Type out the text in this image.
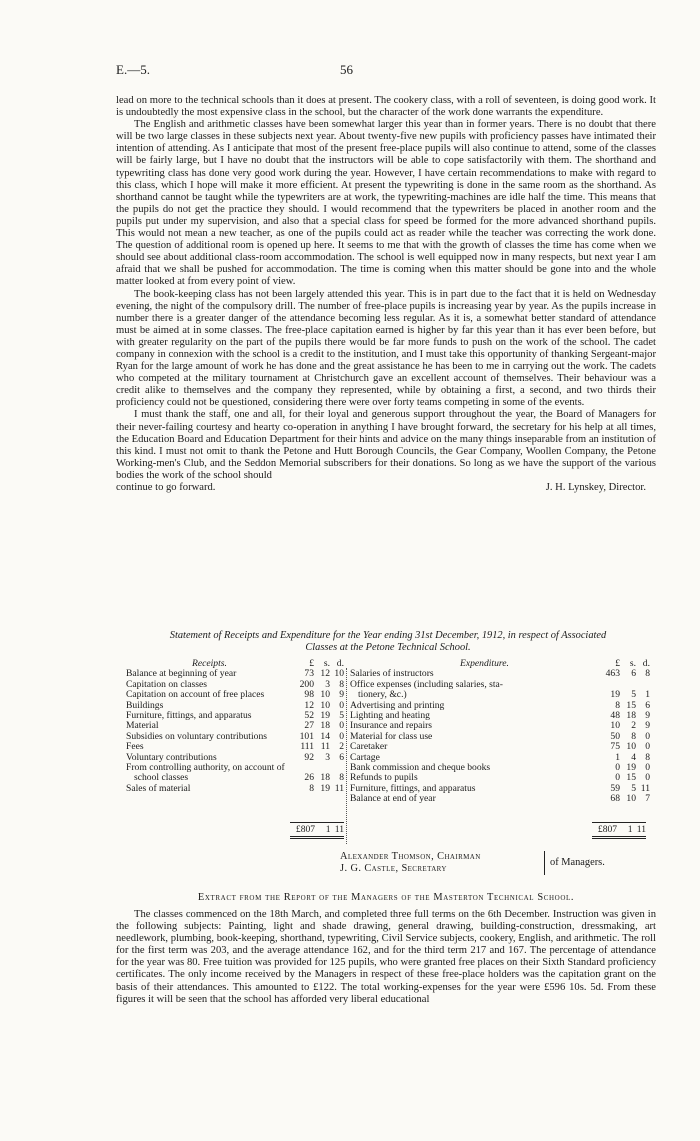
E.—5.	56

lead on more to the technical schools than it does at present. The cookery class, with a roll of seventeen, is doing good work. It is undoubtedly the most expensive class in the school, but the character of the work done warrants the expenditure.

The English and arithmetic classes have been somewhat larger this year than in former years. There is no doubt that there will be two large classes in these subjects next year. About twenty-five new pupils with proficiency passes have intimated their intention of attending. As I anticipate that most of the present free-place pupils will also continue to attend, some of the classes will be fairly large, but I have no doubt that the instructors will be able to cope satisfactorily with them. The shorthand and typewriting class has done very good work during the year. However, I have certain recommendations to make with regard to this class, which I hope will make it more efficient. At present the typewriting is done in the same room as the shorthand. As shorthand cannot be taught while the typewriters are at work, the typewriting-machines are idle half the time. This means that the pupils do not get the practice they should. I would recommend that the typewriters be placed in another room and the pupils put under my supervision, and also that a special class for speed be formed for the more advanced shorthand pupils. This would not mean a new teacher, as one of the pupils could act as reader while the teacher was correcting the work done. The question of additional room is opened up here. It seems to me that with the growth of classes the time has come when we should see about additional class-room accommodation. The school is well equipped now in many respects, but next year I am afraid that we shall be pushed for accommodation. The time is coming when this matter should be gone into and the whole matter looked at from every point of view.

The book-keeping class has not been largely attended this year. This is in part due to the fact that it is held on Wednesday evening, the night of the compulsory drill. The number of free-place pupils is increasing year by year. As the pupils increase in number there is a greater danger of the attendance becoming less regular. As it is, a somewhat better standard of attendance must be aimed at in some classes. The free-place capitation earned is higher by far this year than it has ever been before, but with greater regularity on the part of the pupils there would be far more funds to push on the work of the school. The cadet company in connexion with the school is a credit to the institution, and I must take this opportunity of thanking Sergeant-major Ryan for the large amount of work he has done and the great assistance he has been to me in carrying out the work. The cadets who competed at the military tournament at Christchurch gave an excellent account of themselves. Their behaviour was a credit alike to themselves and the company they represented, while by obtaining a first, a second, and two thirds their proficiency could not be questioned, considering there were over forty teams competing in some of the events.

I must thank the staff, one and all, for their loyal and generous support throughout the year, the Board of Managers for their never-failing courtesy and hearty co-operation in anything I have brought forward, the secretary for his help at all times, the Education Board and Education Department for their hints and advice on the many things inseparable from an institution of this kind. I must not omit to thank the Petone and Hutt Borough Councils, the Gear Company, Woollen Company, the Petone Working-men's Club, and the Seddon Memorial subscribers for their donations. So long as we have the support of the various bodies the work of the school should

continue to go forward.	J. H. Lynskey, Director.
Statement of Receipts and Expenditure for the Year ending 31st December, 1912, in respect of Associated
Classes at the Petone Technical School.
Receipts.	£	s. d.
Balance at beginning of year	73 12 10
Capitation on classes	200	3 8
Capitation on account of free places	98 10 9
Buildings	12 10 0
Furniture, fittings, and apparatus	52 19 5
Material	27 18 0
Subsidies on voluntary contributions	101 14 0
Fees	111 11 2
Voluntary contributions	92	3 6
From controlling authority, on account of
school classes	26 18 8
Sales of material	8 19 11
Expenditure.	£	s. d.
Salaries of instructors	463	6 8
Office expenses (including salaries, sta-
tionery, &c.)	19	5 1
Advertising and printing	8 15 6
Lighting and heating	48 18 9
Insurance and repairs	10	2 9
Material for class use	50	8 0
Caretaker	75 10 0
Cartage	1	4 8
Bank commission and cheque books	0 19 0
Refunds to pupils	0 15 0
Furniture, fittings, and apparatus	59	5 11
Balance at end of year	68 10 7
£807	1 11	£807	1 11
Alexander Thomson, Chairman
J. G. Castle, Secretary
of Managers.
Extract from the Report of the Managers of the Masterton Technical School.

The classes commenced on the 18th March, and completed three full terms on the 6th December. Instruction was given in the following subjects: Painting, light and shade drawing, general drawing, building-construction, dressmaking, art needlework, plumbing, book-keeping, shorthand, typewriting, Civil Service subjects, cookery, English, and arithmetic. The roll for the first term was 203, and the average attendance 162, and for the third term 217 and 167. The percentage of attendance for the year was 80. Free tuition was provided for 125 pupils, who were granted free places on their Sixth Standard proficiency certificates. The only income received by the Managers in respect of these free-place holders was the capitation grant on the basis of their attendances. This amounted to £122. The total working-expenses for the year were £596 10s. 5d. From these figures it will be seen that the school has afforded very liberal educational
